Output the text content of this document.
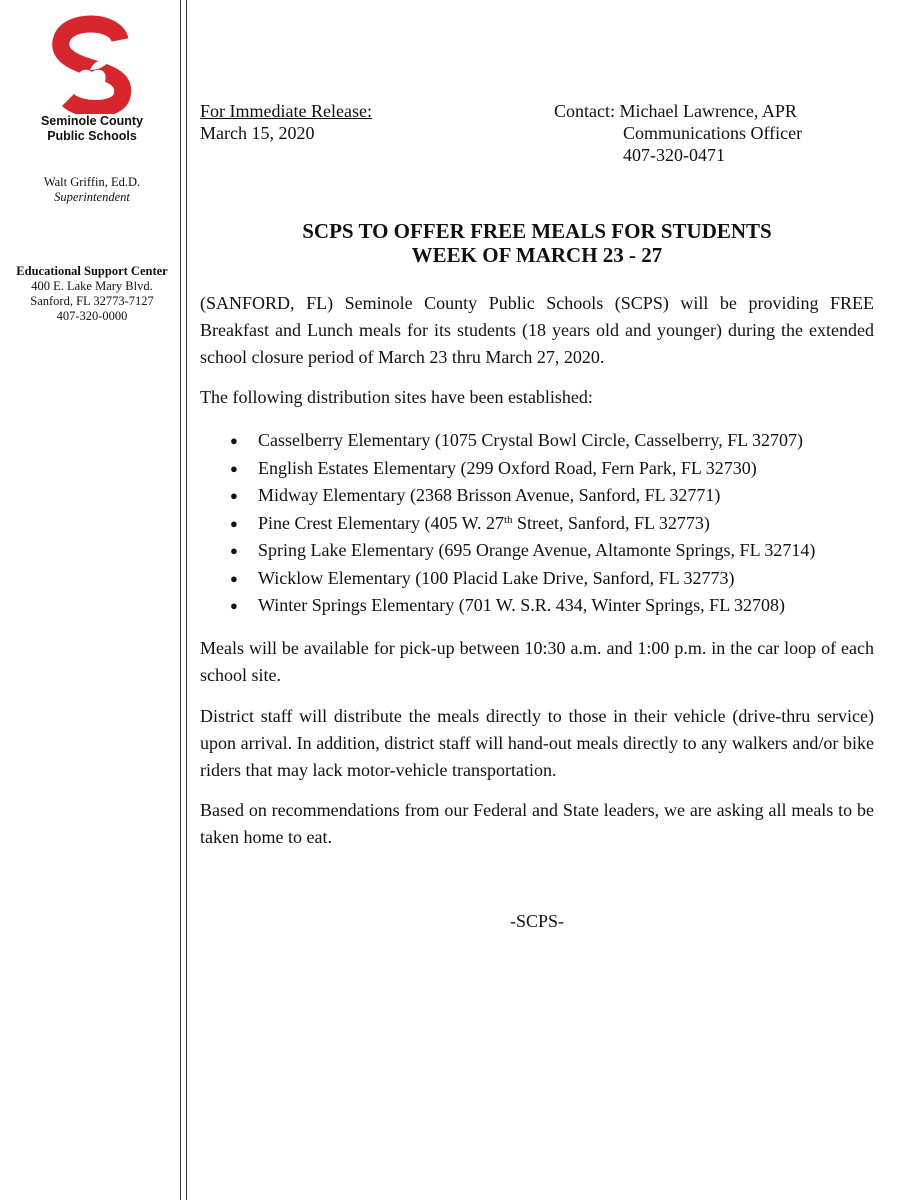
Seminole County
Public Schools
Walt Griffin, Ed.D.
Superintendent
Educational Support Center
400 E. Lake Mary Blvd.
Sanford, FL 32773-7127
407-320-0000
For Immediate Release:
March 15, 2020
Contact: Michael Lawrence, APR
Communications Officer
407-320-0471
SCPS TO OFFER FREE MEALS FOR STUDENTS
WEEK OF MARCH 23 - 27

(SANFORD, FL) Seminole County Public Schools (SCPS) will be providing FREE Breakfast and Lunch meals for its students (18 years old and younger) during the extended school closure period of March 23 thru March 27, 2020.

The following distribution sites have been established:

● Casselberry Elementary (1075 Crystal Bowl Circle, Casselberry, FL 32707)
● English Estates Elementary (299 Oxford Road, Fern Park, FL 32730)
● Midway Elementary (2368 Brisson Avenue, Sanford, FL 32771)
● Pine Crest Elementary (405 W. 27th Street, Sanford, FL 32773)
● Spring Lake Elementary (695 Orange Avenue, Altamonte Springs, FL 32714)
● Wicklow Elementary (100 Placid Lake Drive, Sanford, FL 32773)
● Winter Springs Elementary (701 W. S.R. 434, Winter Springs, FL 32708)

Meals will be available for pick-up between 10:30 a.m. and 1:00 p.m. in the car loop of each school site.

District staff will distribute the meals directly to those in their vehicle (drive-thru service) upon arrival. In addition, district staff will hand-out meals directly to any walkers and/or bike riders that may lack motor-vehicle transportation.

Based on recommendations from our Federal and State leaders, we are asking all meals to be taken home to eat.

-SCPS-
